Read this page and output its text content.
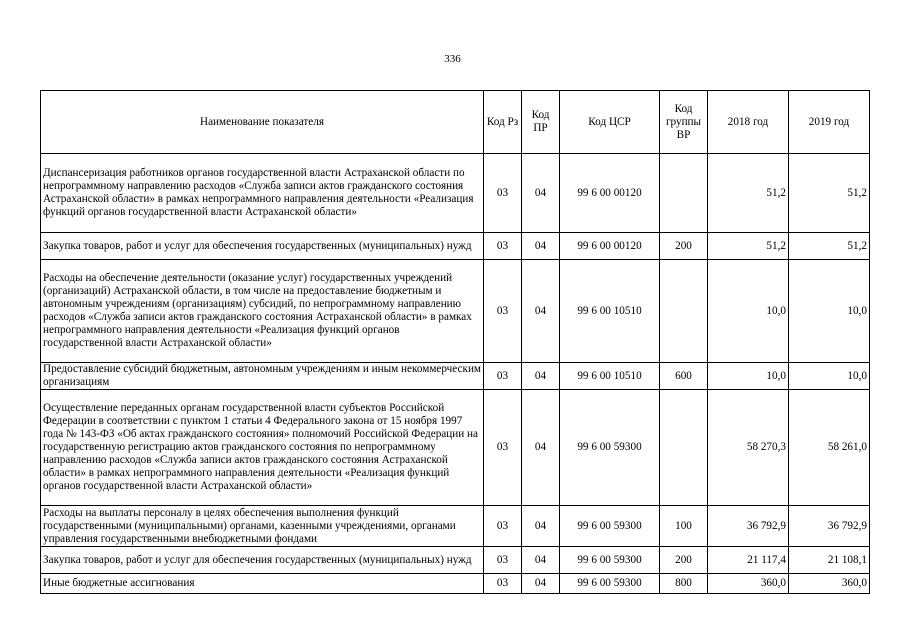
336
Наименование показателя	Код Рз	Код ПР	Код ЦСР	Код группы ВР	2018 год	2019 год
Диспансеризация работников органов государственной власти Астраханской области по непрограммному направлению расходов «Служба записи актов гражданского состояния Астраханской области» в рамках непрограммного направления деятельности «Реализация функций органов государственной власти Астраханской области»	03	04	99 6 00 00120		51,2	51,2
Закупка товаров, работ и услуг для обеспечения государственных (муниципальных) нужд	03	04	99 6 00 00120	200	51,2	51,2
Расходы на обеспечение деятельности (оказание услуг) государственных учреждений (организаций) Астраханской области, в том числе на предоставление бюджетным и автономным учреждениям (организациям) субсидий, по непрограммному направлению расходов «Служба записи актов гражданского состояния Астраханской области» в рамках непрограммного направления деятельности «Реализация функций органов государственной власти Астраханской области»	03	04	99 6 00 10510		10,0	10,0
Предоставление субсидий бюджетным, автономным учреждениям и иным некоммерческим организациям	03	04	99 6 00 10510	600	10,0	10,0
Осуществление переданных органам государственной власти субъектов Российской Федерации в соответствии с пунктом 1 статьи 4 Федерального закона от 15 ноября 1997 года № 143-ФЗ «Об актах гражданского состояния» полномочий Российской Федерации на государственную регистрацию актов гражданского состояния по непрограммному направлению расходов «Служба записи актов гражданского состояния Астраханской области» в рамках непрограммного направления деятельности «Реализация функций органов государственной власти Астраханской области»	03	04	99 6 00 59300		58 270,3	58 261,0
Расходы на выплаты персоналу в целях обеспечения выполнения функций государственными (муниципальными) органами, казенными учреждениями, органами управления государственными внебюджетными фондами	03	04	99 6 00 59300	100	36 792,9	36 792,9
Закупка товаров, работ и услуг для обеспечения государственных (муниципальных) нужд	03	04	99 6 00 59300	200	21 117,4	21 108,1
Иные бюджетные ассигнования	03	04	99 6 00 59300	800	360,0	360,0
